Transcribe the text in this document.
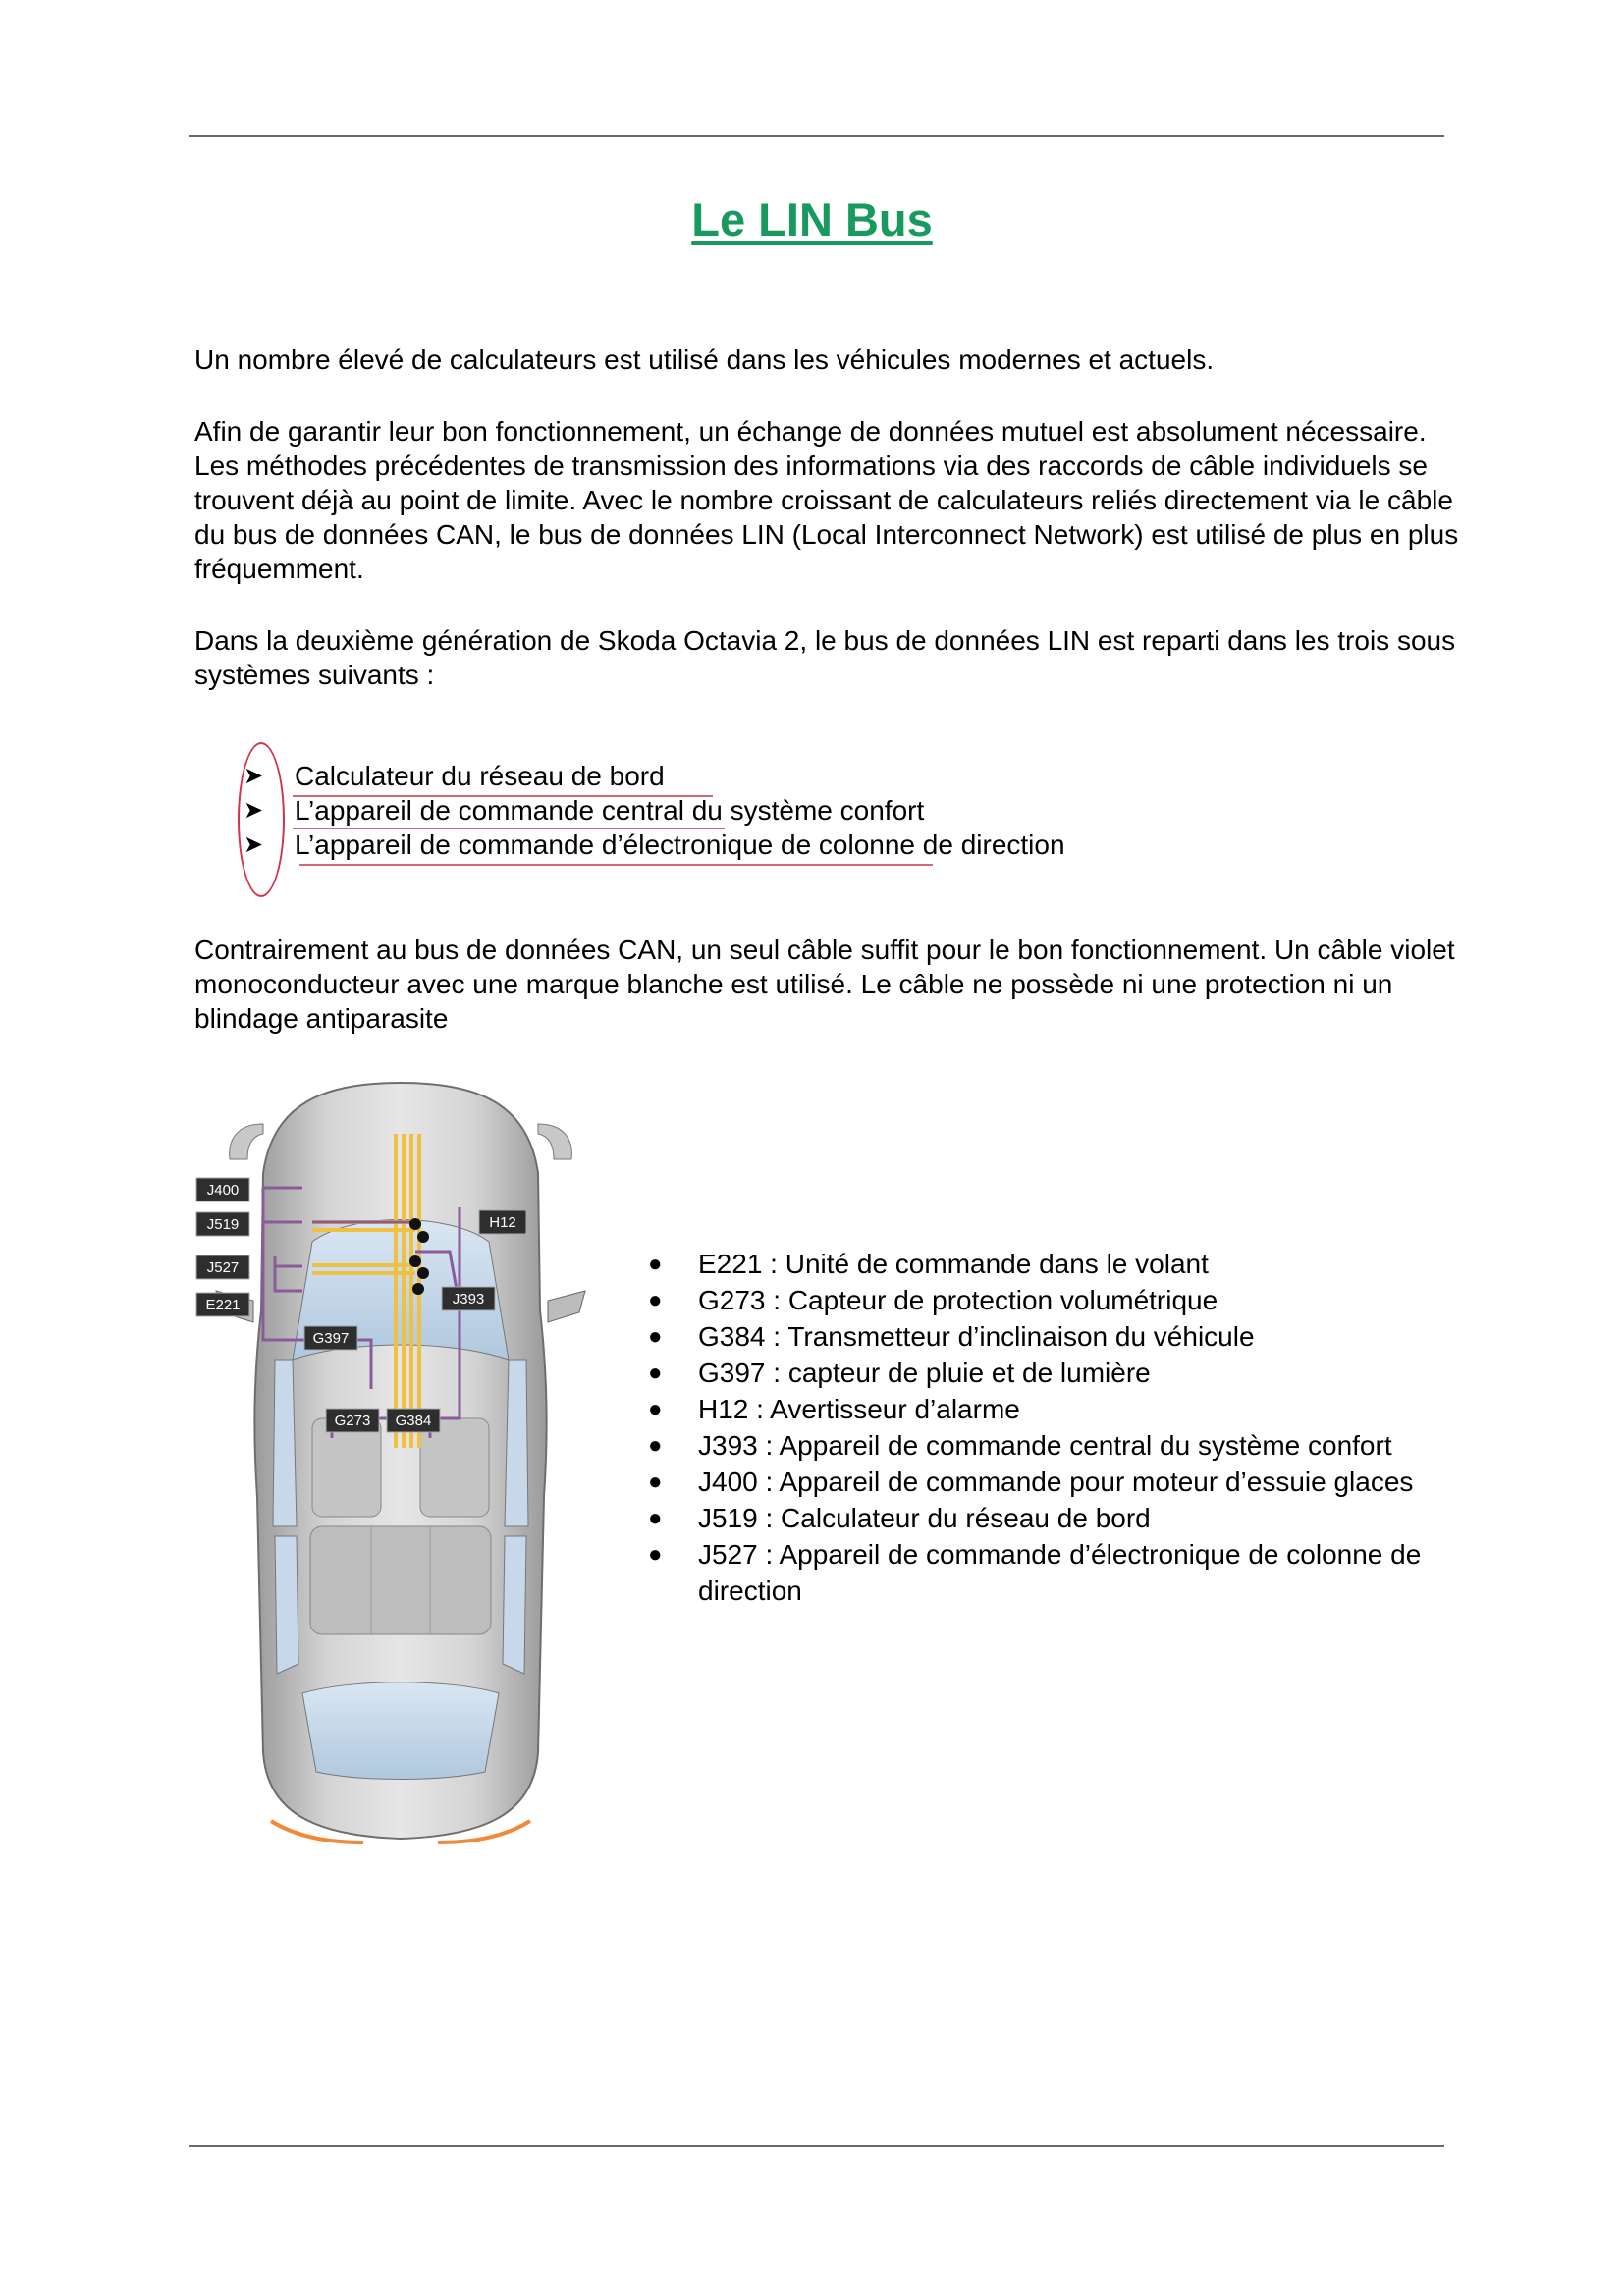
Le LIN Bus

Un nombre élevé de calculateurs est utilisé dans les véhicules modernes et actuels.

Afin de garantir leur bon fonctionnement, un échange de données mutuel est absolument nécessaire. Les méthodes précédentes de transmission des informations via des raccords de câble individuels se trouvent déjà au point de limite. Avec le nombre croissant de calculateurs reliés directement via le câble du bus de données CAN, le bus de données LIN (Local Interconnect Network) est utilisé de plus en plus fréquemment.

Dans la deuxième génération de Skoda Octavia 2, le bus de données LIN est reparti dans les trois sous systèmes suivants :

➤	Calculateur du réseau de bord
➤	L’appareil de commande central du système confort
➤	L’appareil de commande d’électronique de colonne de direction

Contrairement au bus de données CAN, un seul câble suffit pour le bon fonctionnement. Un câble violet monoconducteur avec une marque blanche est utilisé. Le câble ne possède ni une protection ni un blindage antiparasite

J400
J519
J527
E221
G397
H12
J393
G273 G384
● E221 : Unité de commande dans le volant
● G273 : Capteur de protection volumétrique
● G384 : Transmetteur d’inclinaison du véhicule
● G397 : capteur de pluie et de lumière
● H12 : Avertisseur d’alarme
● J393 : Appareil de commande central du système confort
● J400 : Appareil de commande pour moteur d’essuie glaces
● J519 : Calculateur du réseau de bord
● J527 : Appareil de commande d’électronique de colonne de direction
